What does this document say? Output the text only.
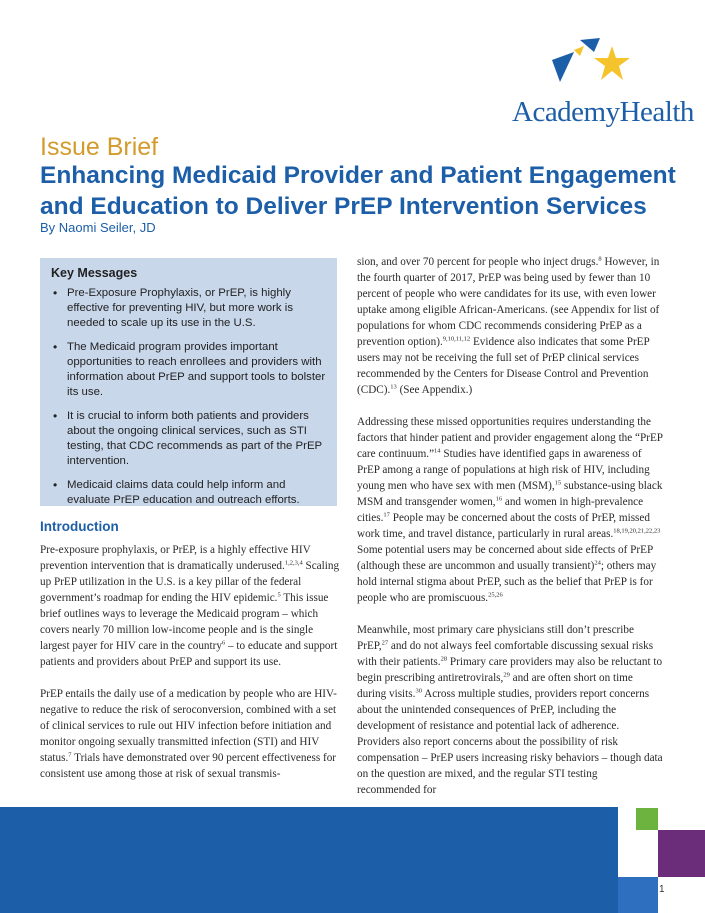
AcademyHealth
Issue Brief
Enhancing Medicaid Provider and Patient Engagement
and Education to Deliver PrEP Intervention Services
By Naomi Seiler, JD
Key Messages
• Pre-Exposure Prophylaxis, or PrEP, is highly effective for preventing HIV, but more work is needed to scale up its use in the U.S.
• The Medicaid program provides important opportunities to reach enrollees and providers with information about PrEP and support tools to bolster its use.
• It is crucial to inform both patients and providers about the ongoing clinical services, such as STI testing, that CDC recommends as part of the PrEP intervention.
• Medicaid claims data could help inform and evaluate PrEP education and outreach efforts.
Introduction

Pre-exposure prophylaxis, or PrEP, is a highly effective HIV prevention intervention that is dramatically underused.$^{1,2,3,4}$ Scaling up PrEP utilization in the U.S. is a key pillar of the federal government’s roadmap for ending the HIV epidemic.$^5$ This issue brief outlines ways to leverage the Medicaid program – which covers nearly 70 million low-income people and is the single largest payer for HIV care in the country$^6$ – to educate and support patients and providers about PrEP and support its use.

PrEP entails the daily use of a medication by people who are HIV-negative to reduce the risk of seroconversion, combined with a set of clinical services to rule out HIV infection before initiation and monitor ongoing sexually transmitted infection (STI) and HIV status.$^7$ Trials have demonstrated over 90 percent effectiveness for consistent use among those at risk of sexual transmis-

sion, and over 70 percent for people who inject drugs.$^8$ However, in the fourth quarter of 2017, PrEP was being used by fewer than 10 percent of people who were candidates for its use, with even lower uptake among eligible African-Americans. (see Appendix for list of populations for whom CDC recommends considering PrEP as a prevention option).$^{9,10,11,12}$ Evidence also indicates that some PrEP users may not be receiving the full set of PrEP clinical services recommended by the Centers for Disease Control and Prevention (CDC).$^{13}$ (See Appendix.)

Addressing these missed opportunities requires understanding the factors that hinder patient and provider engagement along the “PrEP care continuum.”$^{14}$ Studies have identified gaps in awareness of PrEP among a range of populations at high risk of HIV, including young men who have sex with men (MSM),$^{15}$ substance-using black MSM and transgender women,$^{16}$ and women in high-prevalence cities.$^{17}$ People may be concerned about the costs of PrEP, missed work time, and travel distance, particularly in rural areas.$^{18,19,20,21,22,23}$ Some potential users may be concerned about side effects of PrEP (although these are uncommon and usually transient)$^{24}$; others may hold internal stigma about PrEP, such as the belief that PrEP is for people who are promiscuous.$^{25,26}$

Meanwhile, most primary care physicians still don’t prescribe PrEP,$^{27}$ and do not always feel comfortable discussing sexual risks with their patients.$^{28}$ Primary care providers may also be reluctant to begin prescribing antiretrovirals,$^{29}$ and are often short on time during visits.$^{30}$ Across multiple studies, providers report concerns about the unintended consequences of PrEP, including the development of resistance and potential lack of adherence. Providers also report concerns about the possibility of risk compensation – PrEP users increasing risky behaviors – though data on the question are mixed, and the regular STI testing recommended for

1
